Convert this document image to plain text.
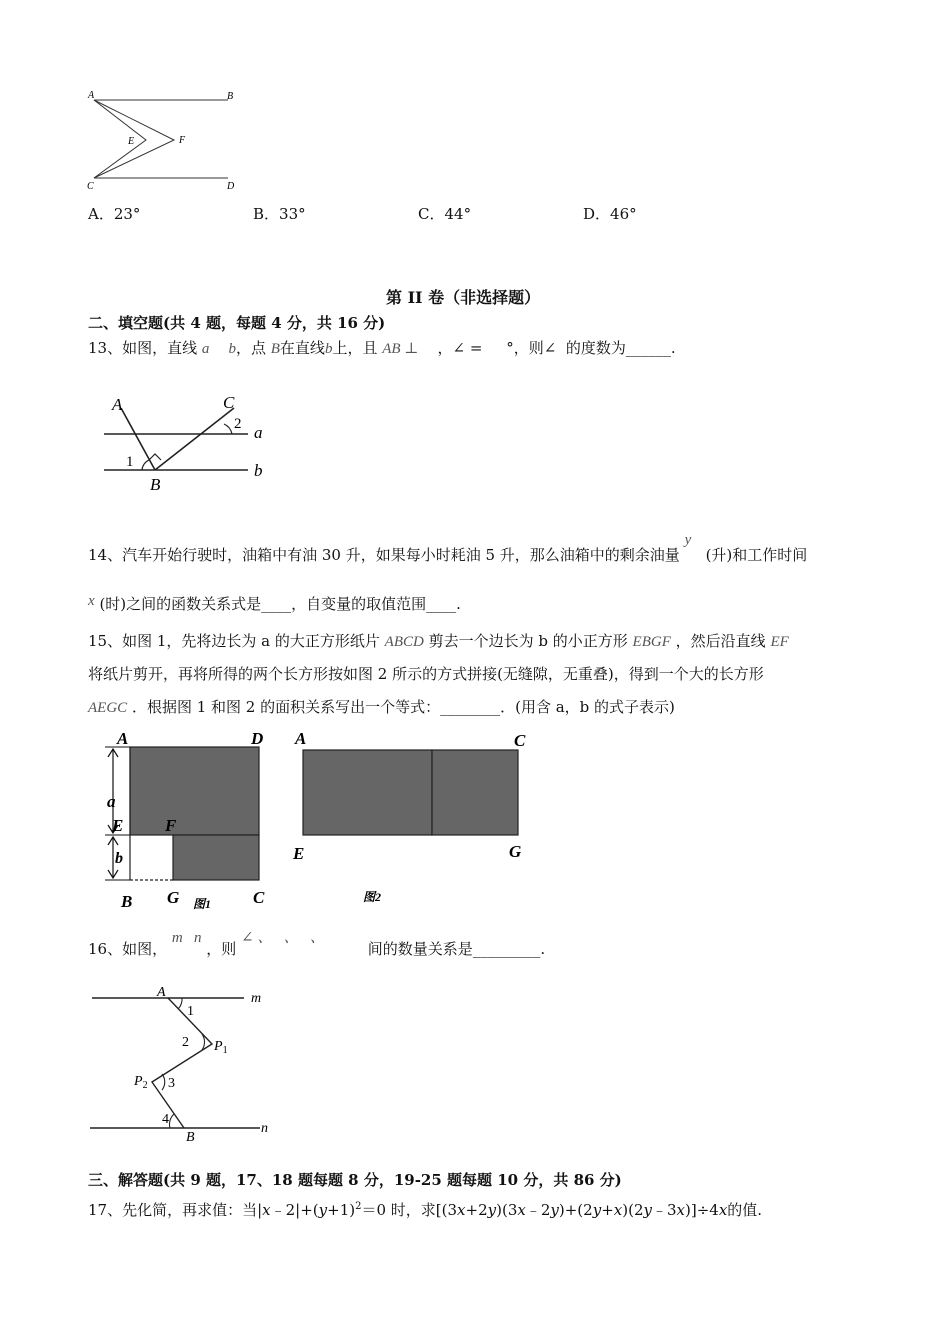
A	B
E	F
C	D
A．23°	B．33°	C．44°	D．46°
第 II 卷（非选择题）
二、填空题(共 4 题，每题 4 分，共 16 分)
13、如图，直线 a b，点 B在直线b上，且 AB ⊥ ，∠ = °，则∠ 的度数为______.
A	C
2 a
1	b
B
14、汽车开始行驶时，油箱中有油 30 升，如果每小时耗油 5 升，那么油箱中的剩余油量 y   (升)和工作时间
x (时)之间的函数关系式是____，自变量的取值范围____.
15、如图 1，先将边长为 a 的大正方形纸片 ABCD 剪去一个边长为 b 的小正方形 EBGF ，然后沿直线 EF
将纸片剪开，再将所得的两个长方形按如图 2 所示的方式拼接(无缝隙，无重叠)，得到一个大的长方形
AEGC ．根据图 1 和图 2 的面积关系写出一个等式：________．(用含 a，b 的式子表示)
A	D
a
E F
b
B G 图1 C
A	C
E	G
图2
16、如图， m   n ，则 ∠ 、   、   、         间的数量关系是_________.
A	m
1
2 $P_1$
$P_2$ 3
4
B
n
三、解答题(共 9 题，17、18 题每题 8 分，19-25 题每题 10 分，共 86 分)
17、先化简，再求值：当$|x﹣2|+(y+1)^2=0$ 时，求[(3x+2y)(3x﹣2y)+(2y+x)(2y﹣3x)]÷4x的值.
